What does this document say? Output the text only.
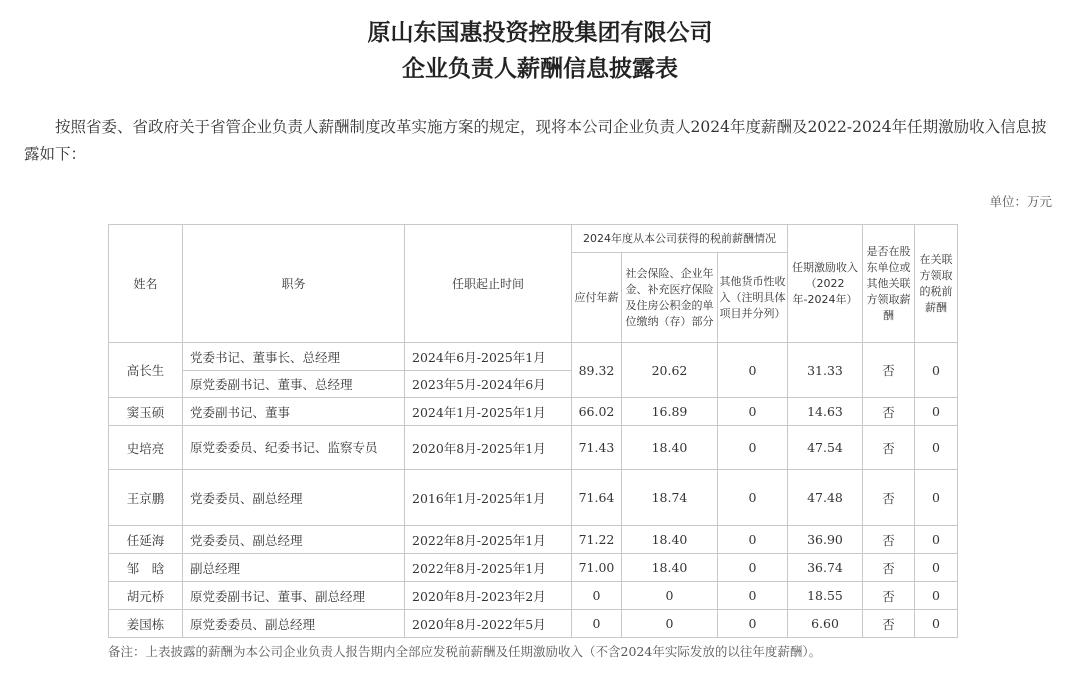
原山东国惠投资控股集团有限公司
企业负责人薪酬信息披露表

按照省委、省政府关于省管企业负责人薪酬制度改革实施方案的规定，现将本公司企业负责人2024年度薪酬及2022-2024年任期激励收入信息披露如下：

单位：万元
姓名	职务	任职起止时间	2024年度从本公司获得的税前薪酬情况			任期激励收入（2022年-2024年）	是否在股东单位或其他关联方领取薪酬	在关联方领取的税前薪酬
			应付年薪	社会保险、企业年金、补充医疗保险及住房公积金的单位缴纳（存）部分	其他货币性收入（注明具体项目并分列）			
高长生	党委书记、董事长、总经理	2024年6月-2025年1月	89.32	20.62	0	31.33	否	0
	原党委副书记、董事、总经理	2023年5月-2024年6月						
窦玉硕	党委副书记、董事	2024年1月-2025年1月	66.02	16.89	0	14.63	否	0
史培亮	原党委委员、纪委书记、监察专员	2020年8月-2025年1月	71.43	18.40	0	47.54	否	0
王京鹏	党委委员、副总经理	2016年1月-2025年1月	71.64	18.74	0	47.48	否	0
任延海	党委委员、副总经理	2022年8月-2025年1月	71.22	18.40	0	36.90	否	0
邹　晗	副总经理	2022年8月-2025年1月	71.00	18.40	0	36.74	否	0
胡元桥	原党委副书记、董事、副总经理	2020年8月-2023年2月	0	0	0	18.55	否	0
姜国栋	原党委委员、副总经理	2020年8月-2022年5月	0	0	0	6.60	否	0

备注：上表披露的薪酬为本公司企业负责人报告期内全部应发税前薪酬及任期激励收入（不含2024年实际发放的以往年度薪酬）。
